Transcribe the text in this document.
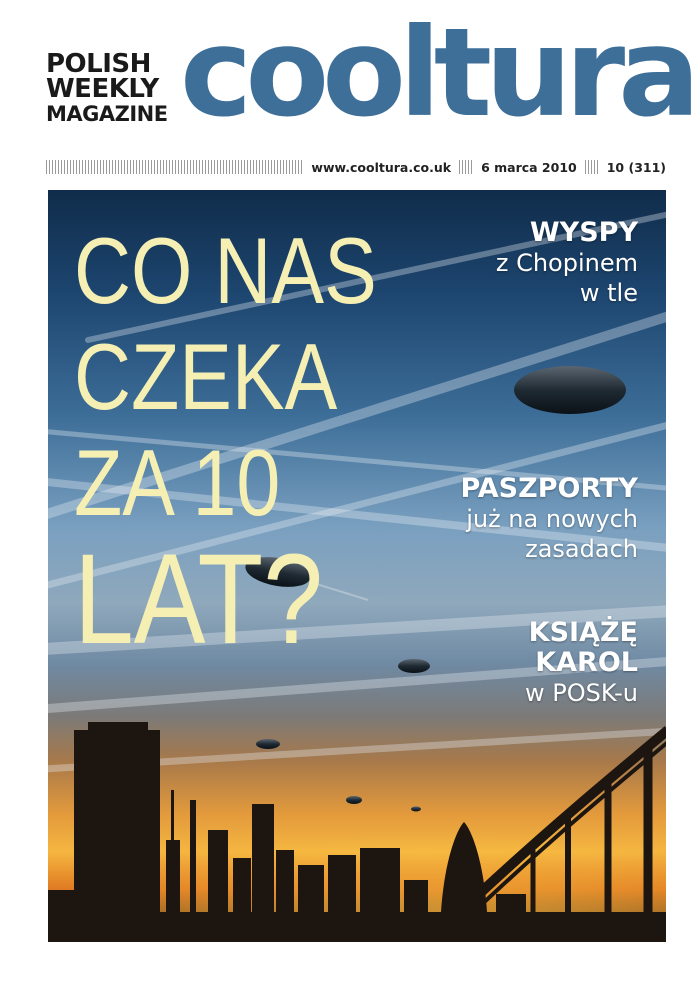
POLISH
WEEKLY
MAGAZINE cooltura
www.cooltura.co.uk 6 marca 2010 10 (311)
CO NAS
CZEKA
ZA 10
LAT?
WYSPY
z Chopinem
w tle
PASZPORTY
już na nowych
zasadach
KSIĄŻĘ
KAROL
w POSK-u
